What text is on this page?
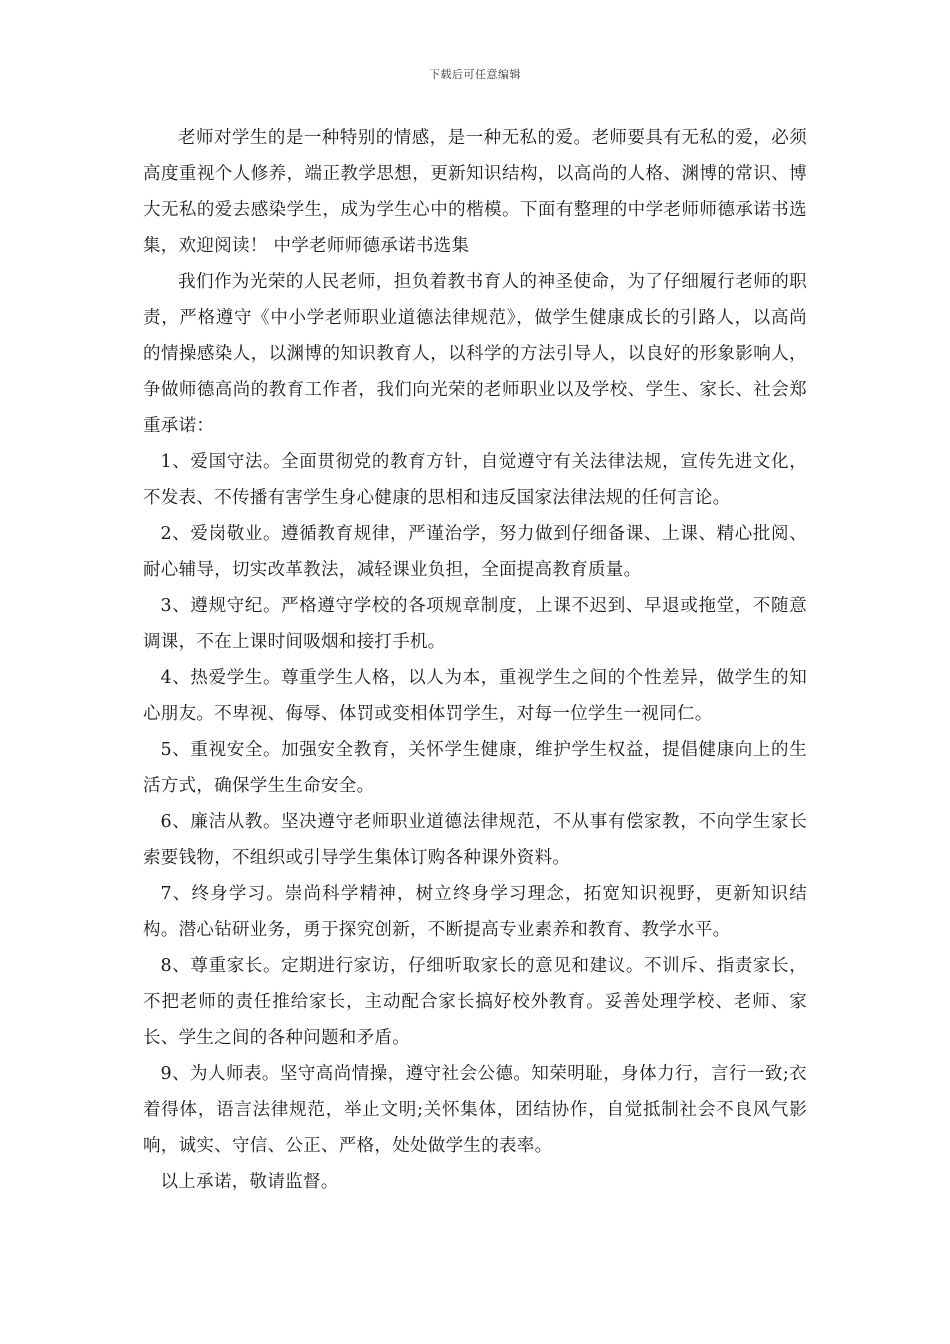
下载后可任意编辑

老师对学生的是一种特别的情感，是一种无私的爱。老师要具有无私的爱，必须高度重视个人修养，端正教学思想，更新知识结构，以高尚的人格、渊博的常识、博大无私的爱去感染学生，成为学生心中的楷模。下面有整理的中学老师师德承诺书选集，欢迎阅读！ 中学老师师德承诺书选集

我们作为光荣的人民老师，担负着教书育人的神圣使命，为了仔细履行老师的职责，严格遵守《中小学老师职业道德法律规范》，做学生健康成长的引路人，以高尚的情操感染人，以渊博的知识教育人，以科学的方法引导人，以良好的形象影响人，争做师德高尚的教育工作者，我们向光荣的老师职业以及学校、学生、家长、社会郑重承诺：

1、爱国守法。全面贯彻党的教育方针，自觉遵守有关法律法规，宣传先进文化，不发表、不传播有害学生身心健康的思相和违反国家法律法规的任何言论。

2、爱岗敬业。遵循教育规律，严谨治学，努力做到仔细备课、上课、精心批阅、耐心辅导，切实改革教法，减轻课业负担，全面提高教育质量。

3、遵规守纪。严格遵守学校的各项规章制度，上课不迟到、早退或拖堂，不随意调课，不在上课时间吸烟和接打手机。

4、热爱学生。尊重学生人格，以人为本，重视学生之间的个性差异，做学生的知心朋友。不卑视、侮辱、体罚或变相体罚学生，对每一位学生一视同仁。

5、重视安全。加强安全教育，关怀学生健康，维护学生权益，提倡健康向上的生活方式，确保学生生命安全。

6、廉洁从教。坚决遵守老师职业道德法律规范，不从事有偿家教，不向学生家长索要钱物，不组织或引导学生集体订购各种课外资料。

7、终身学习。崇尚科学精神，树立终身学习理念，拓宽知识视野，更新知识结构。潜心钻研业务，勇于探究创新，不断提高专业素养和教育、教学水平。

8、尊重家长。定期进行家访，仔细听取家长的意见和建议。不训斥、指责家长，不把老师的责任推给家长，主动配合家长搞好校外教育。妥善处理学校、老师、家长、学生之间的各种问题和矛盾。

9、为人师表。坚守高尚情操，遵守社会公德。知荣明耻，身体力行，言行一致;衣着得体，语言法律规范，举止文明;关怀集体，团结协作，自觉抵制社会不良风气影响，诚实、守信、公正、严格，处处做学生的表率。

以上承诺，敬请监督。
